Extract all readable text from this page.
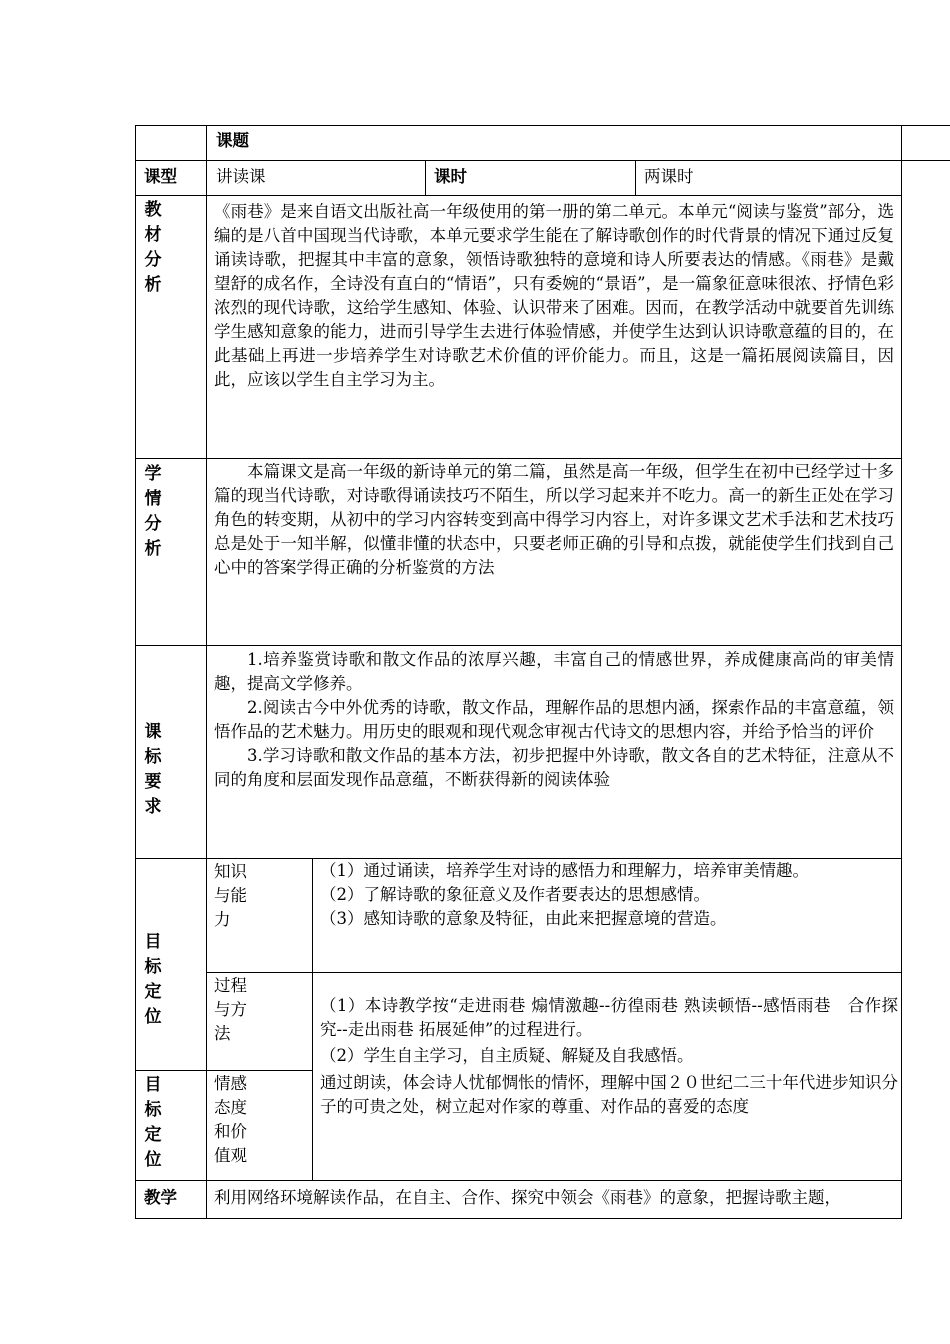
课题
课型 讲读课	课时	两课时
教
材
分
析

《雨巷》是来自语文出版社高一年级使用的第一册的第二单元。本单元“阅读与鉴赏”部分，选编的是八首中国现当代诗歌，本单元要求学生能在了解诗歌创作的时代背景的情况下通过反复诵读诗歌，把握其中丰富的意象，领悟诗歌独特的意境和诗人所要表达的情感。《雨巷》是戴望舒的成名作，全诗没有直白的“情语”，只有委婉的“景语”，是一篇象征意味很浓、抒情色彩浓烈的现代诗歌，这给学生感知、体验、认识带来了困难。因而，在教学活动中就要首先训练学生感知意象的能力，进而引导学生去进行体验情感，并使学生达到认识诗歌意蕴的目的，在此基础上再进一步培养学生对诗歌艺术价值的评价能力。而且，这是一篇拓展阅读篇目，因此，应该以学生自主学习为主。

学
情
分
析

本篇课文是高一年级的新诗单元的第二篇，虽然是高一年级，但学生在初中已经学过十多篇的现当代诗歌，对诗歌得诵读技巧不陌生，所以学习起来并不吃力。高一的新生正处在学习角色的转变期，从初中的学习内容转变到高中得学习内容上，对许多课文艺术手法和艺术技巧总是处于一知半解，似懂非懂的状态中，只要老师正确的引导和点拨，就能使学生们找到自己心中的答案学得正确的分析鉴赏的方法

课
标
要
求

1.培养鉴赏诗歌和散文作品的浓厚兴趣，丰富自己的情感世界，养成健康高尚的审美情趣，提高文学修养。

2.阅读古今中外优秀的诗歌，散文作品，理解作品的思想内涵，探索作品的丰富意蕴，领悟作品的艺术魅力。用历史的眼观和现代观念审视古代诗文的思想内容，并给予恰当的评价

3.学习诗歌和散文作品的基本方法，初步把握中外诗歌，散文各自的艺术特征，注意从不同的角度和层面发现作品意蕴，不断获得新的阅读体验

目
标
定
位
目
标
定
位
知识
与能
力

（1）通过诵读，培养学生对诗的感悟力和理解力，培养审美情趣。

（2）了解诗歌的象征意义及作者要表达的思想感情。

（3）感知诗歌的意象及特征，由此来把握意境的营造。

过程
与方
法

（1）本诗教学按“走进雨巷 煽情激趣--彷徨雨巷 熟读顿悟--感悟雨巷　合作探究--走出雨巷 拓展延伸”的过程进行。

（2）学生自主学习，自主质疑、解疑及自我感悟。

情感
态度
和价
值观

通过朗读，体会诗人忧郁惆怅的情怀，理解中国２０世纪二三十年代进步知识分子的可贵之处，树立起对作家的尊重、对作品的喜爱的态度

教学 利用网络环境解读作品，在自主、合作、探究中领会《雨巷》的意象，把握诗歌主题，
